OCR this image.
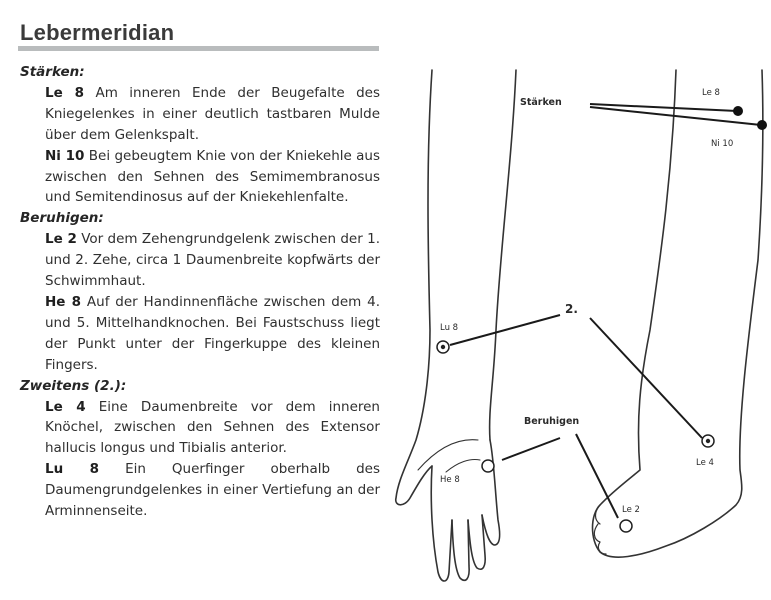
Lebermeridian

Stärken:

Le 8 Am inneren Ende der Beugefalte des Kniegelenkes in einer deutlich tastbaren Mulde über dem Gelenkspalt.

Ni 10 Bei gebeugtem Knie von der Kniekehle aus zwischen den Sehnen des Semimembranosus und Semitendinosus auf der Kniekehlenfalte.

Beruhigen:

Le 2 Vor dem Zehengrundgelenk zwischen der 1. und 2. Zehe, circa 1 Daumenbreite kopfwärts der Schwimmhaut.

He 8 Auf der Handinnenfläche zwischen dem 4. und 5. Mittelhandknochen. Bei Faustschuss liegt der Punkt unter der Fingerkuppe des kleinen Fingers.

Zweitens (2.):

Le 4 Eine Daumenbreite vor dem inneren Knöchel, zwischen den Sehnen des Extensor hallucis longus und Tibialis anterior.

Lu 8 Ein Querfinger oberhalb des Daumengrundgelenkes in einer Vertiefung an der Arminnenseite.

Stärken
Le 8
Ni 10
2.
Lu 8
Beruhigen
Le 4
He 8
Le 2
